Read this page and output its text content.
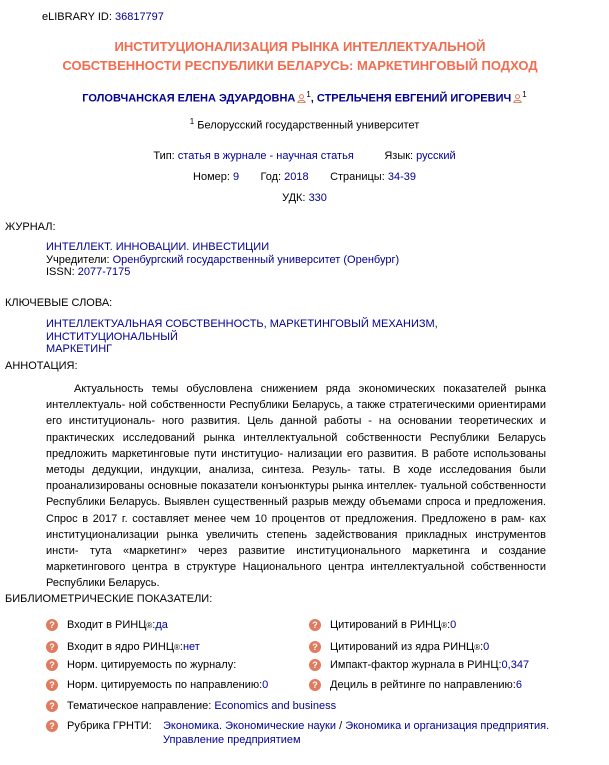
eLIBRARY ID: 36817797
ИНСТИТУЦИОНАЛИЗАЦИЯ РЫНКА ИНТЕЛЛЕКТУАЛЬНОЙ
СОБСТВЕННОСТИ РЕСПУБЛИКИ БЕЛАРУСЬ: МАРКЕТИНГОВЫЙ ПОДХОД
ГОЛОВЧАНСКАЯ ЕЛЕНА ЭДУАРДОВНА $^1$, СТРЕЛЬЧЕНЯ ЕВГЕНИЙ ИГОРЕВИЧ $^1$
$^1$ Белорусский государственный университет
Тип: статья в журнале - научная статья	Язык: русский
Номер: 9 Год: 2018 Страницы: 34-39
УДК: 330
ЖУРНАЛ:
ИНТЕЛЛЕКТ. ИННОВАЦИИ. ИНВЕСТИЦИИ
Учредители: Оренбургский государственный университет (Оренбург)
ISSN: 2077-7175
КЛЮЧЕВЫЕ СЛОВА:
ИНТЕЛЛЕКТУАЛЬНАЯ СОБСТВЕННОСТЬ, МАРКЕТИНГОВЫЙ МЕХАНИЗМ, ИНСТИТУЦИОНАЛЬНЫЙ
МАРКЕТИНГ
АННОТАЦИЯ:
Актуальность темы обусловлена снижением ряда экономических показателей рынка интеллектуаль- ной собственности Республики Беларусь, а также стратегическими ориентирами его институциональ- ного развития. Цель данной работы - на основании теоретических и практических исследований рынка интеллектуальной собственности Республики Беларусь предложить маркетинговые пути институцио- нализации его развития. В работе использованы методы дедукции, индукции, анализа, синтеза. Резуль- таты. В ходе исследования были проанализированы основные показатели конъюнктуры рынка интеллек- туальной собственности Республики Беларусь. Выявлен существенный разрыв между объемами спроса и предложения. Спрос в 2017 г. составляет менее чем 10 процентов от предложения. Предложено в рам- ках институционализации рынка увеличить степень задействования прикладных инструментов инсти- тута «маркетинг» через развитие институционального маркетинга и создание маркетингового центра в структуре Национального центра интеллектуальной собственности Республики Беларусь.
БИБЛИОМЕТРИЧЕСКИЕ ПОКАЗАТЕЛИ:
? Входит в РИНЦ ® : да
? Входит в ядро РИНЦ ® : нет
? Норм. цитируемость по журналу:
? Норм. цитируемость по направлению: 0
? Цитирований в РИНЦ ® : 0
? Цитирований из ядра РИНЦ ® : 0
? Импакт-фактор журнала в РИНЦ: 0,347
? Дециль в рейтинге по направлению: 6
? Тематическое направление:
Economics and business
?	Рубрика ГРНТИ: Экономика. Экономические науки / Экономика и организация предприятия.
Управление предприятием
